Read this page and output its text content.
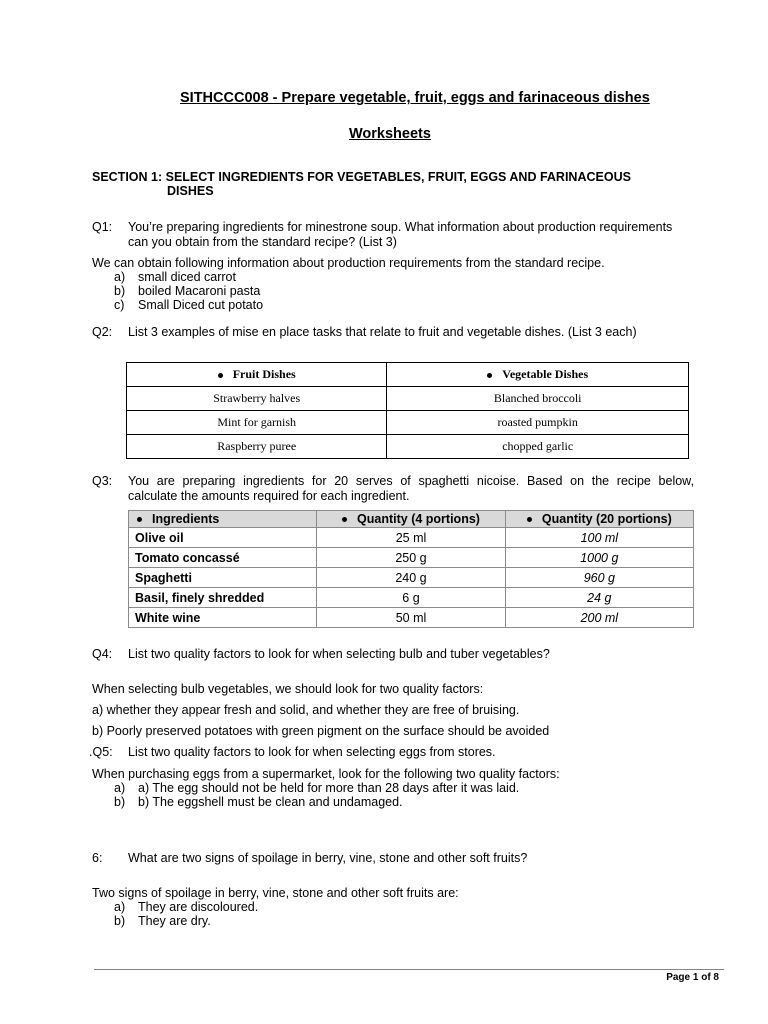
SITHCCC008 - Prepare vegetable, fruit, eggs and farinaceous dishes
Worksheets
SECTION 1: SELECT INGREDIENTS FOR VEGETABLES, FRUIT, EGGS AND FARINACEOUS
DISHES
Q1: You’re preparing ingredients for minestrone soup. What information about production requirements
can you obtain from the standard recipe? (List 3)
We can obtain following information about production requirements from the standard recipe.
a) small diced carrot
b) boiled Macaroni pasta
c) Small Diced cut potato
Q2: List 3 examples of mise en place tasks that relate to fruit and vegetable dishes. (List 3 each)
Fruit Dishes	Vegetable Dishes
Strawberry halves	Blanched broccoli
Mint for garnish	roasted pumpkin
Raspberry puree	chopped garlic
Q3: You are preparing ingredients for 20 serves of spaghetti nicoise. Based on the recipe below,
calculate the amounts required for each ingredient.
Ingredients	Quantity (4 portions)	Quantity (20 portions)
Olive oil	25 ml	100 ml
Tomato concassé	250 g	1000 g
Spaghetti	240 g	960 g
Basil, finely shredded	6 g	24 g
White wine	50 ml	200 ml
Q4: List two quality factors to look for when selecting bulb and tuber vegetables?
When selecting bulb vegetables, we should look for two quality factors:
a) whether they appear fresh and solid, and whether they are free of bruising.
b) Poorly preserved potatoes with green pigment on the surface should be avoided
.Q5: List two quality factors to look for when selecting eggs from stores.
When purchasing eggs from a supermarket, look for the following two quality factors:
a) a) The egg should not be held for more than 28 days after it was laid.
b) b) The eggshell must be clean and undamaged.
6: What are two signs of spoilage in berry, vine, stone and other soft fruits?
Two signs of spoilage in berry, vine, stone and other soft fruits are:
a) They are discoloured.
b) They are dry.
Page 1 of 8
